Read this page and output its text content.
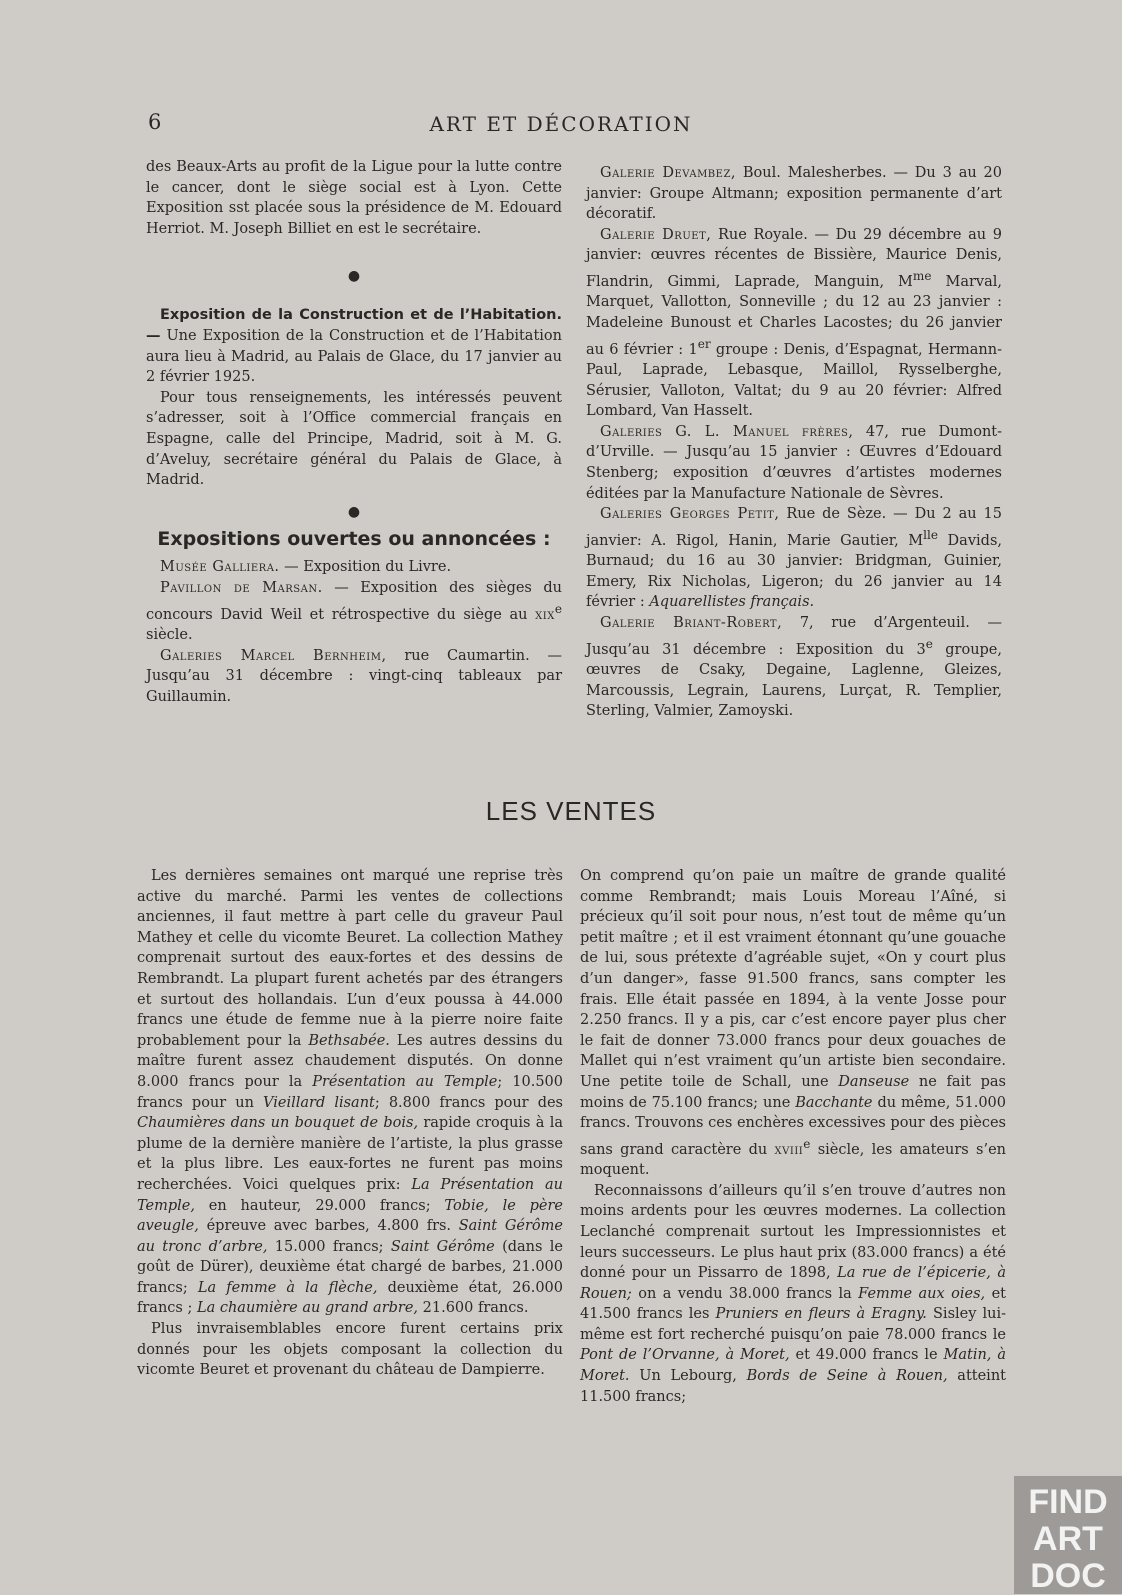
6	ART ET DÉCORATION

des Beaux-Arts au profit de la Ligue pour la lutte contre le cancer, dont le siège social est à Lyon. Cette Exposition sst placée sous la présidence de M. Edouard Herriot. M. Joseph Billiet en est le secrétaire.

●

Exposition de la Construction et de l’Habitation. — Une Exposition de la Construction et de l’Habitation aura lieu à Madrid, au Palais de Glace, du 17 janvier au 2 février 1925.

Pour tous renseignements, les intéressés peuvent s’adresser, soit à l’Office commercial français en Espagne, calle del Principe, Madrid, soit à M. G. d’Aveluy, secrétaire général du Palais de Glace, à Madrid.

●
Expositions ouvertes ou annoncées :

Musée Galliera. — Exposition du Livre.

Pavillon de Marsan. — Exposition des sièges du concours David Weil et rétrospective du siège au xix$^e$ siècle.

Galeries Marcel Bernheim, rue Caumartin. — Jusqu’au 31 décembre : vingt-cinq tableaux par Guillaumin.

Galerie Devambez, Boul. Malesherbes. — Du 3 au 20 janvier: Groupe Altmann; exposition permanente d’art décoratif.

Galerie Druet, Rue Royale. — Du 29 décembre au 9 janvier: œuvres récentes de Bissière, Maurice Denis, Flandrin, Gimmi, Laprade, Manguin, $M^{me}$ Marval, Marquet, Vallotton, Sonneville ; du 12 au 23 janvier : Madeleine Bunoust et Charles Lacostes; du 26 janvier au 6 février : 1er groupe : Denis, d’Espagnat, Hermann-Paul, Laprade, Lebasque, Maillol, Rysselberghe, Sérusier, Valloton, Valtat; du 9 au 20 février: Alfred Lombard, Van Hasselt.

Galeries G. L. Manuel frères, 47, rue Dumont-d’Urville. — Jusqu’au 15 janvier : Œuvres d’Edouard Stenberg; exposition d’œuvres d’artistes modernes éditées par la Manufacture Nationale de Sèvres.

Galeries Georges Petit, Rue de Sèze. — Du 2 au 15 janvier: A. Rigol, Hanin, Marie Gautier, $M^{lle}$ Davids, Burnaud; du 16 au 30 janvier: Bridgman, Guinier, Emery, Rix Nicholas, Ligeron; du 26 janvier au 14 février : Aquarellistes français.

Galerie Briant-Robert, 7, rue d’Argenteuil. — Jusqu’au 31 décembre : Exposition du 3e groupe, œuvres de Csaky, Degaine, Laglenne, Gleizes, Marcoussis, Legrain, Laurens, Lurçat, R. Templier, Sterling, Valmier, Zamoyski.

LES VENTES

Les dernières semaines ont marqué une reprise très active du marché. Parmi les ventes de collections anciennes, il faut mettre à part celle du graveur Paul Mathey et celle du vicomte Beuret. La collection Mathey comprenait surtout des eaux-fortes et des dessins de Rembrandt. La plupart furent achetés par des étrangers et surtout des hollandais. L’un d’eux poussa à 44.000 francs une étude de femme nue à la pierre noire faite probablement pour la Bethsabée. Les autres dessins du maître furent assez chaudement disputés. On donne 8.000 francs pour la Présentation au Temple; 10.500 francs pour un Vieillard lisant; 8.800 francs pour des Chaumières dans un bouquet de bois, rapide croquis à la plume de la dernière manière de l’artiste, la plus grasse et la plus libre. Les eaux-fortes ne furent pas moins recherchées. Voici quelques prix: La Présentation au Temple, en hauteur, 29.000 francs; Tobie, le père aveugle, épreuve avec barbes, 4.800 frs. Saint Gérôme au tronc d’arbre, 15.000 francs; Saint Gérôme (dans le goût de Dürer), deuxième état chargé de barbes, 21.000 francs; La femme à la flèche, deuxième état, 26.000 francs ; La chaumière au grand arbre, 21.600 francs.

Plus invraisemblables encore furent certains prix donnés pour les objets composant la collection du vicomte Beuret et provenant du château de Dampierre.

On comprend qu’on paie un maître de grande qualité comme Rembrandt; mais Louis Moreau l’Aîné, si précieux qu’il soit pour nous, n’est tout de même qu’un petit maître ; et il est vraiment étonnant qu’une gouache de lui, sous prétexte d’agréable sujet, «On y court plus d’un danger», fasse 91.500 francs, sans compter les frais. Elle était passée en 1894, à la vente Josse pour 2.250 francs. Il y a pis, car c’est encore payer plus cher le fait de donner 73.000 francs pour deux gouaches de Mallet qui n’est vraiment qu’un artiste bien secondaire. Une petite toile de Schall, une Danseuse ne fait pas moins de 75.100 francs; une Bacchante du même, 51.000 francs. Trouvons ces enchères excessives pour des pièces sans grand caractère du xviii$^e$ siècle, les amateurs s’en moquent.

Reconnaissons d’ailleurs qu’il s’en trouve d’autres non moins ardents pour les œuvres modernes. La collection Leclanché comprenait surtout les Impressionnistes et leurs successeurs. Le plus haut prix (83.000 francs) a été donné pour un Pissarro de 1898, La rue de l’épicerie, à Rouen; on a vendu 38.000 francs la Femme aux oies, et 41.500 francs les Pruniers en fleurs à Eragny. Sisley lui-même est fort recherché puisqu’on paie 78.000 francs le Pont de l’Orvanne, à Moret, et 49.000 francs le Matin, à Moret. Un Lebourg, Bords de Seine à Rouen, atteint 11.500 francs;

FIND
ART
DOC
